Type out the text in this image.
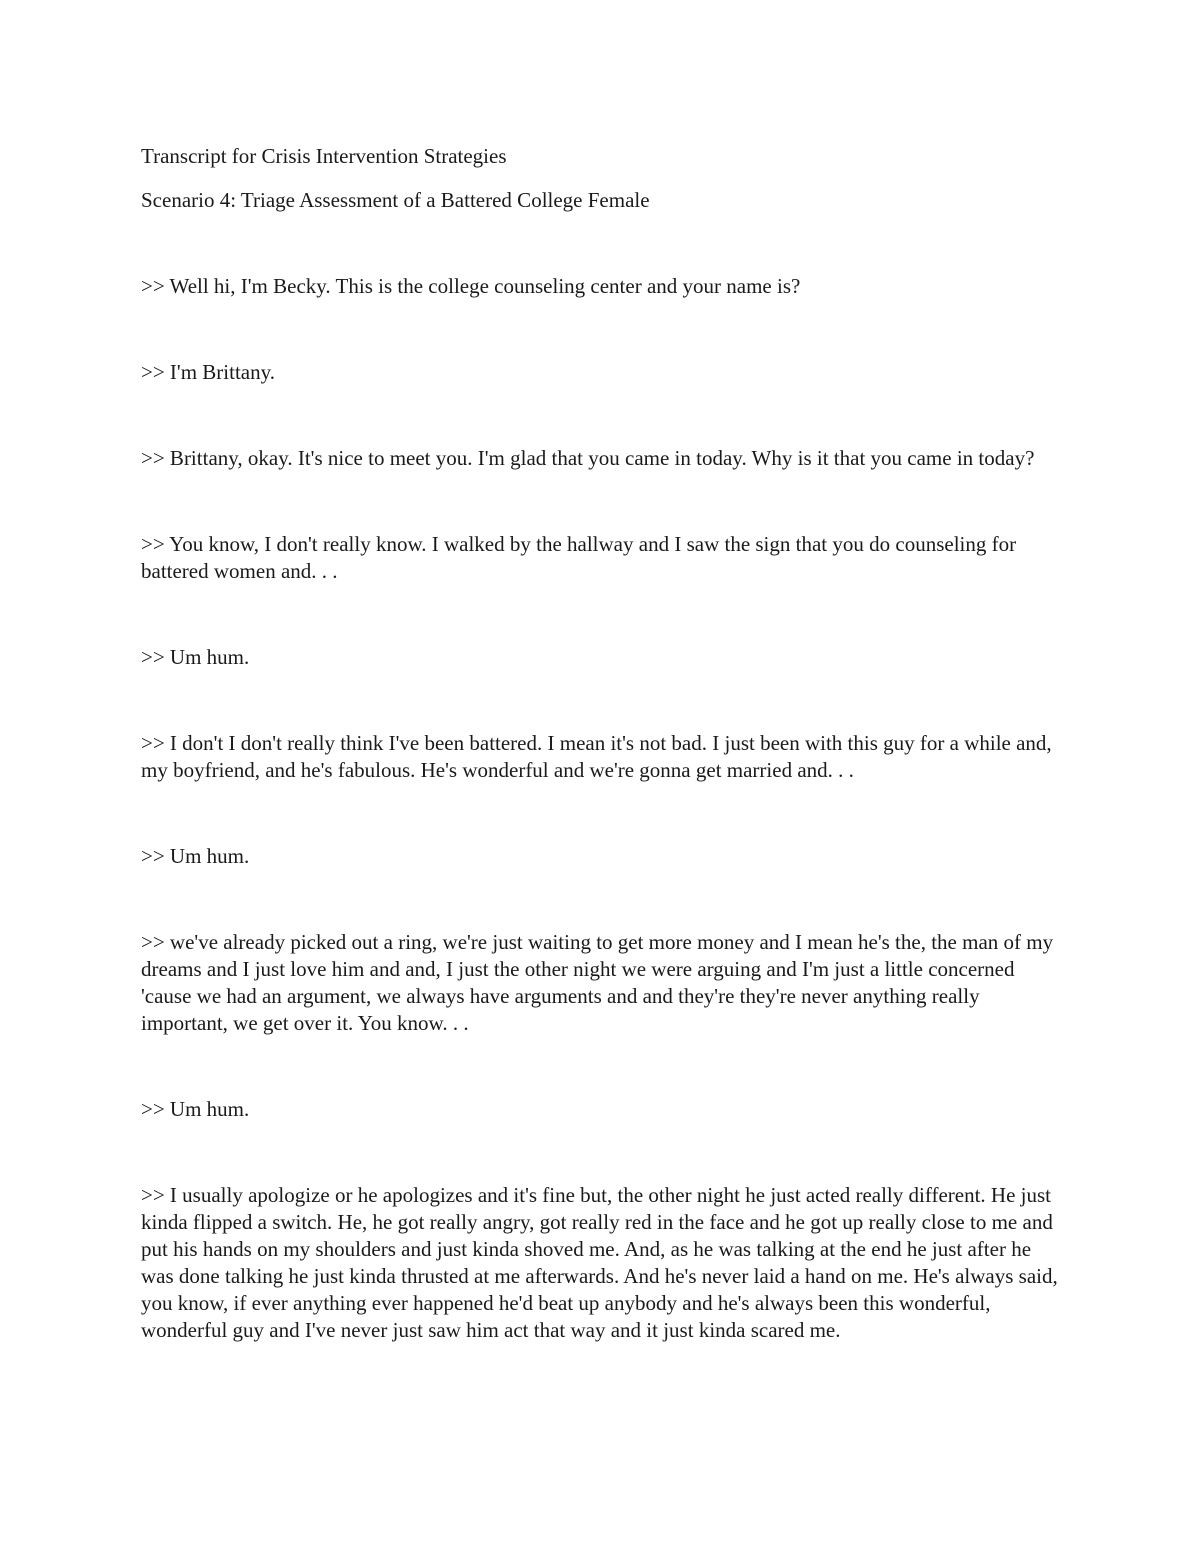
Transcript for Crisis Intervention Strategies

Scenario 4: Triage Assessment of a Battered College Female

>> Well hi, I'm Becky. This is the college counseling center and your name is?

>> I'm Brittany.

>> Brittany, okay. It's nice to meet you. I'm glad that you came in today. Why is it that you came in today?

>> You know, I don't really know. I walked by the hallway and I saw the sign that you do counseling for battered women and. . .

>> Um hum.

>> I don't I don't really think I've been battered. I mean it's not bad. I just been with this guy for a while and, my boyfriend, and he's fabulous. He's wonderful and we're gonna get married and. . .

>> Um hum.

>> we've already picked out a ring, we're just waiting to get more money and I mean he's the, the man of my dreams and I just love him and and, I just the other night we were arguing and I'm just a little concerned 'cause we had an argument, we always have arguments and and they're they're never anything really important, we get over it. You know. . .

>> Um hum.

>> I usually apologize or he apologizes and it's fine but, the other night he just acted really different. He just kinda flipped a switch. He, he got really angry, got really red in the face and he got up really close to me and put his hands on my shoulders and just kinda shoved me. And, as he was talking at the end he just after he was done talking he just kinda thrusted at me afterwards. And he's never laid a hand on me. He's always said, you know, if ever anything ever happened he'd beat up anybody and he's always been this wonderful, wonderful guy and I've never just saw him act that way and it just kinda scared me.
